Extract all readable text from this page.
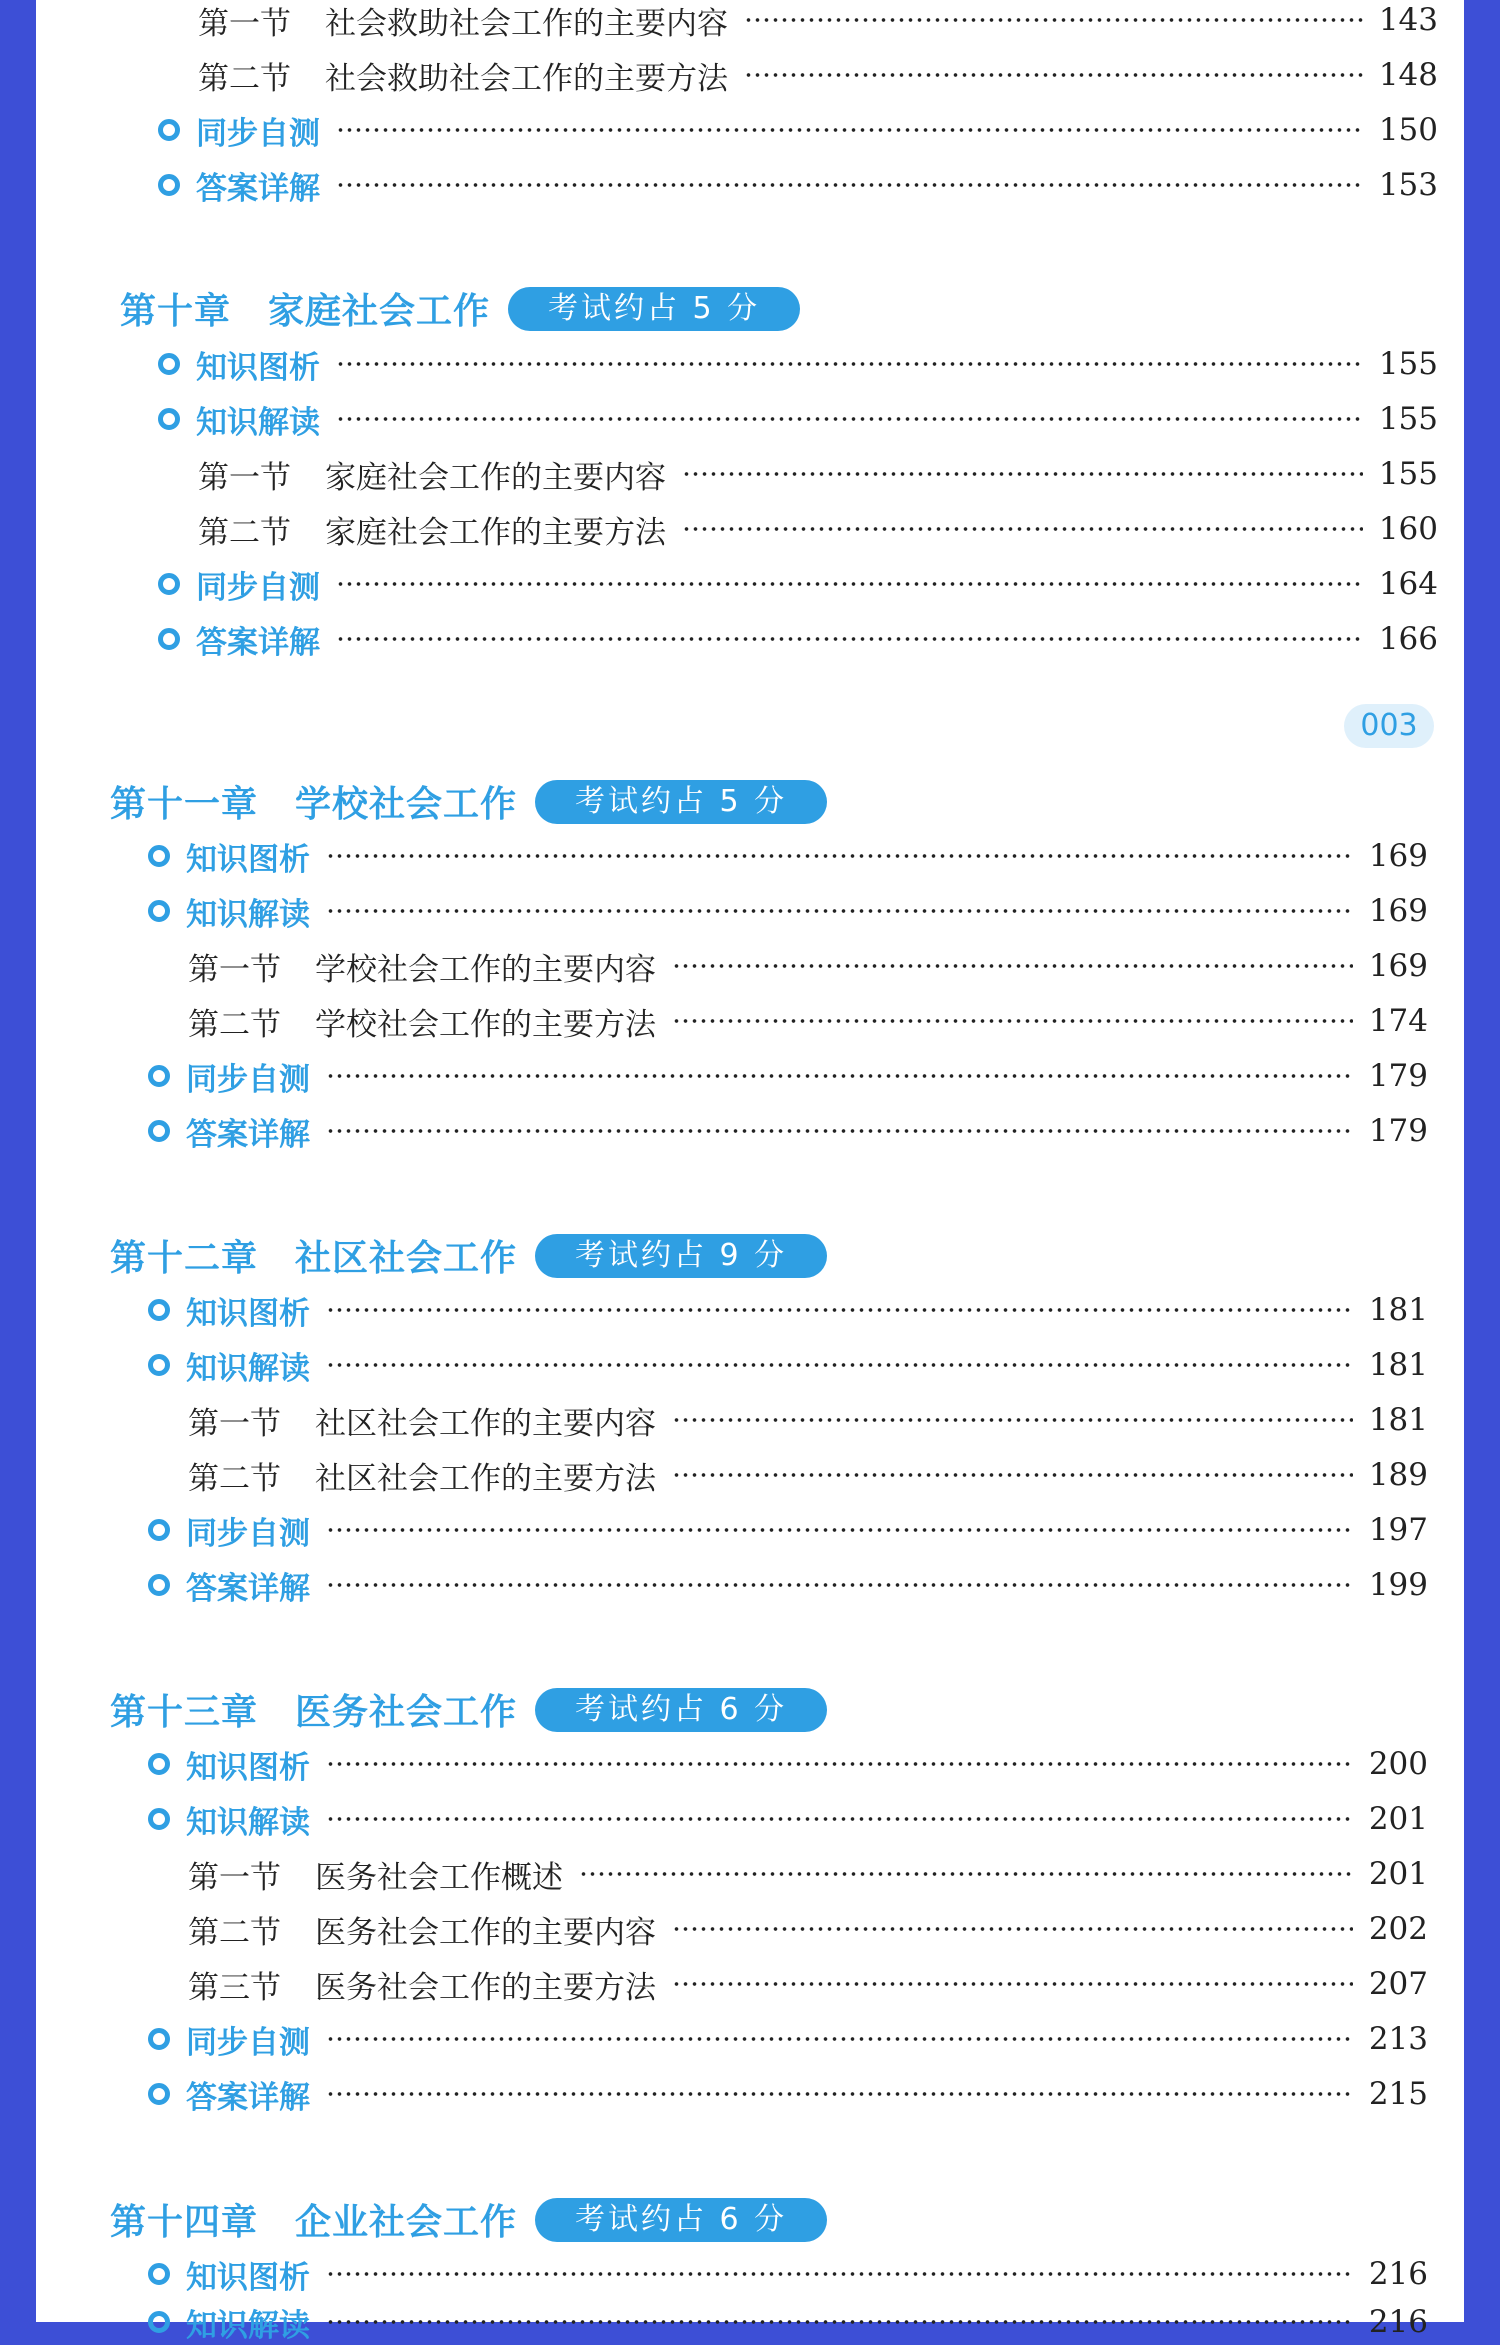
第一节 社会救助社会工作的主要内容	143
第二节 社会救助社会工作的主要方法	148
同步自测	150
答案详解	153
第十章　家庭社会工作	考试约占 5 分
知识图析	155
知识解读	155
第一节 家庭社会工作的主要内容	155
第二节 家庭社会工作的主要方法	160
同步自测	164
答案详解	166
003
第十一章　学校社会工作	考试约占 5 分
知识图析	169
知识解读	169
第一节 学校社会工作的主要内容	169
第二节 学校社会工作的主要方法	174
同步自测	179
答案详解	179
第十二章　社区社会工作	考试约占 9 分
知识图析	181
知识解读	181
第一节 社区社会工作的主要内容	181
第二节 社区社会工作的主要方法	189
同步自测	197
答案详解	199
第十三章　医务社会工作	考试约占 6 分
知识图析	200
知识解读	201
第一节 医务社会工作概述	201
第二节 医务社会工作的主要内容	202
第三节 医务社会工作的主要方法	207
同步自测	213
答案详解	215
第十四章　企业社会工作	考试约占 6 分
知识图析	216
知识解读	216
